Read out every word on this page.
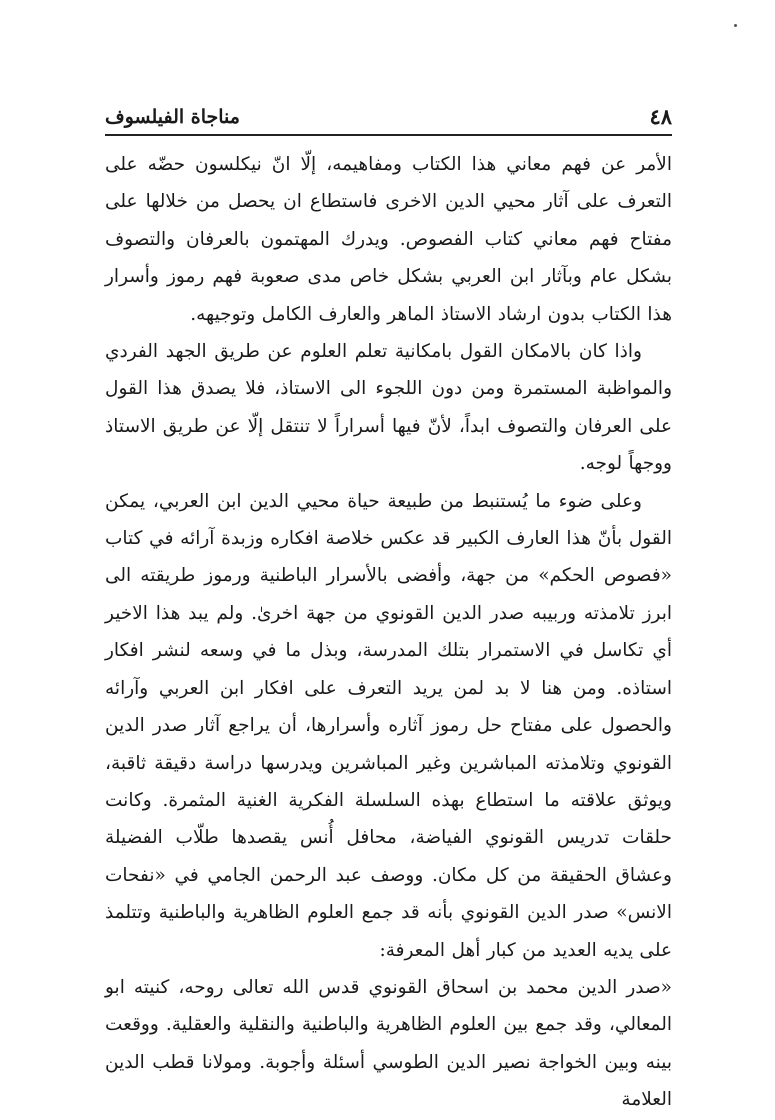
٤٨
مناجاة الفيلسوف

الأمر عن فهم معاني هذا الكتاب ومفاهيمه، إلّا انّ نيكلسون حضّه على التعرف على آثار محيي الدين الاخرى فاستطاع ان يحصل من خلالها على مفتاح فهم معاني كتاب الفصوص. ويدرك المهتمون بالعرفان والتصوف بشكل عام وبآثار ابن العربي بشكل خاص مدى صعوبة فهم رموز وأسرار هذا الكتاب بدون ارشاد الاستاذ الماهر والعارف الكامل وتوجيهه.

واذا كان بالامكان القول بامكانية تعلم العلوم عن طريق الجهد الفردي والمواظبة المستمرة ومن دون اللجوء الى الاستاذ، فلا يصدق هذا القول على العرفان والتصوف ابداً، لأنّ فيها أسراراً لا تنتقل إلّا عن طريق الاستاذ ووجهاً لوجه.

وعلى ضوء ما يُستنبط من طبيعة حياة محيي الدين ابن العربي، يمكن القول بأنّ هذا العارف الكبير قد عكس خلاصة افكاره وزبدة آرائه في كتاب «فصوص الحكم» من جهة، وأفضى بالأسرار الباطنية ورموز طريقته الى ابرز تلامذته وربيبه صدر الدين القونوي من جهة اخرىٰ. ولم يبد هذا الاخير أي تكاسل في الاستمرار بتلك المدرسة، وبذل ما في وسعه لنشر افكار استاذه. ومن هنا لا بد لمن يريد التعرف على افكار ابن العربي وآرائه والحصول على مفتاح حل رموز آثاره وأسرارها، أن يراجع آثار صدر الدين القونوي وتلامذته المباشرين وغير المباشرين ويدرسها دراسة دقيقة ثاقبة، ويوثق علاقته ما استطاع بهذه السلسلة الفكرية الغنية المثمرة. وكانت حلقات تدريس القونوي الفياضة، محافل أُنس يقصدها طلّاب الفضيلة وعشاق الحقيقة من كل مكان. ووصف عبد الرحمن الجامي في «نفحات الانس» صدر الدين القونوي بأنه قد جمع العلوم الظاهرية والباطنية وتتلمذ على يديه العديد من كبار أهل المعرفة:

«صدر الدين محمد بن اسحاق القونوي قدس الله تعالى روحه، كنيته ابو المعالي، وقد جمع بين العلوم الظاهرية والباطنية والنقلية والعقلية. ووقعت بينه وبين الخواجة نصير الدين الطوسي أسئلة وأجوبة. ومولانا قطب الدين العلامة
